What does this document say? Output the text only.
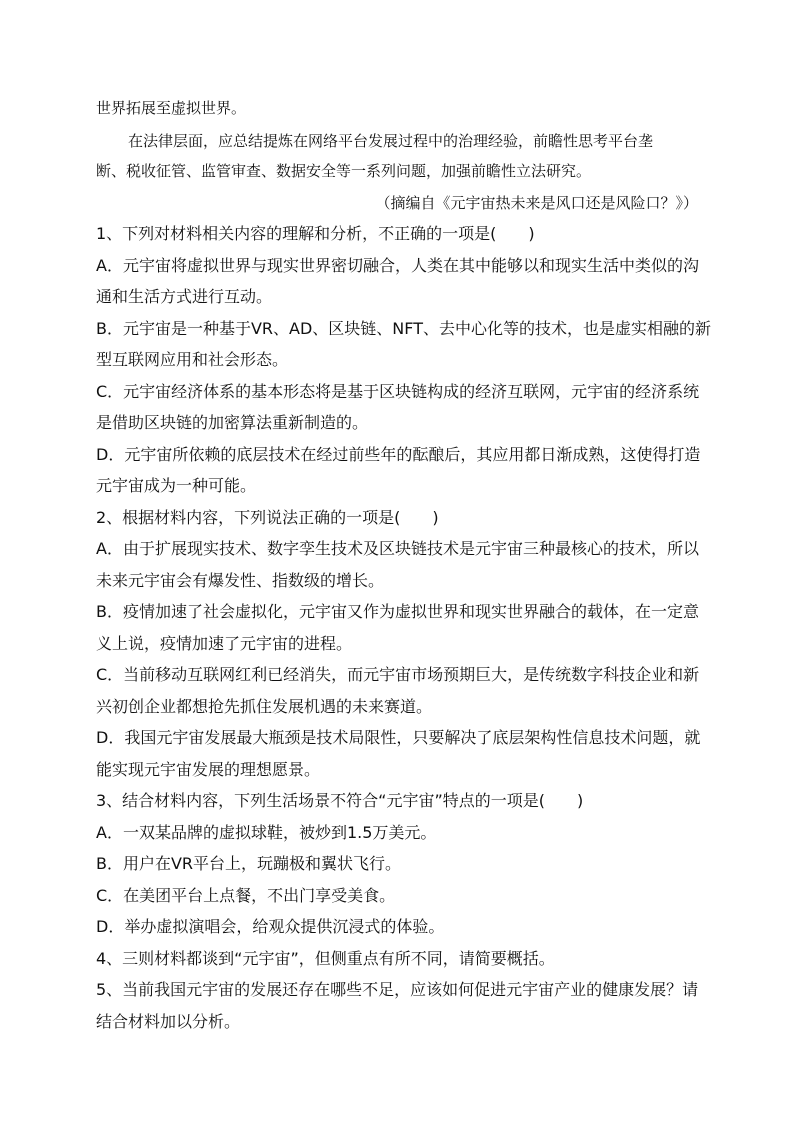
世界拓展至虚拟世界。
在法律层面，应总结提炼在网络平台发展过程中的治理经验，前瞻性思考平台垄
断、税收征管、监管审查、数据安全等一系列问题，加强前瞻性立法研究。
（摘编自《元宇宙热未来是风口还是风险口？》）
1、下列对材料相关内容的理解和分析，不正确的一项是(　　)
A．元宇宙将虚拟世界与现实世界密切融合，人类在其中能够以和现实生活中类似的沟
通和生活方式进行互动。
B．元宇宙是一种基于VR、AD、区块链、NFT、去中心化等的技术，也是虚实相融的新
型互联网应用和社会形态。
C．元宇宙经济体系的基本形态将是基于区块链构成的经济互联网，元宇宙的经济系统
是借助区块链的加密算法重新制造的。
D．元宇宙所依赖的底层技术在经过前些年的酝酿后，其应用都日渐成熟，这使得打造
元宇宙成为一种可能。
2、根据材料内容，下列说法正确的一项是(　　)
A．由于扩展现实技术、数字孪生技术及区块链技术是元宇宙三种最核心的技术，所以
未来元宇宙会有爆发性、指数级的增长。
B．疫情加速了社会虚拟化，元宇宙又作为虚拟世界和现实世界融合的载体，在一定意
义上说，疫情加速了元宇宙的进程。
C．当前移动互联网红利已经消失，而元宇宙市场预期巨大，是传统数字科技企业和新
兴初创企业都想抢先抓住发展机遇的未来赛道。
D．我国元宇宙发展最大瓶颈是技术局限性，只要解决了底层架构性信息技术问题，就
能实现元宇宙发展的理想愿景。
3、结合材料内容，下列生活场景不符合“元宇宙”特点的一项是(　　)
A．一双某品牌的虚拟球鞋，被炒到1.5万美元。
B．用户在VR平台上，玩蹦极和翼状飞行。
C．在美团平台上点餐，不出门享受美食。
D．举办虚拟演唱会，给观众提供沉浸式的体验。
4、三则材料都谈到“元宇宙”，但侧重点有所不同，请简要概括。
5、当前我国元宇宙的发展还存在哪些不足，应该如何促进元宇宙产业的健康发展？请
结合材料加以分析。
